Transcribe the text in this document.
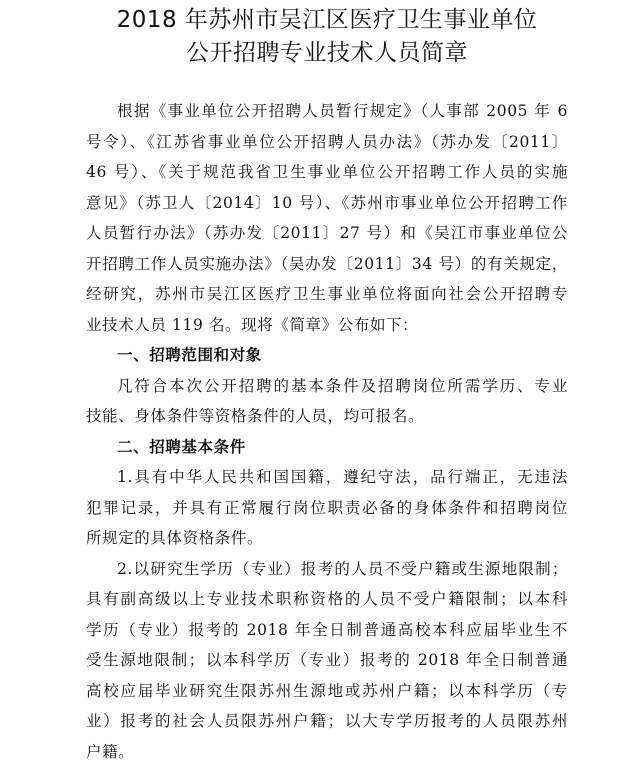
2018 年苏州市吴江区医疗卫生事业单位
公开招聘专业技术人员简章
根据《事业单位公开招聘人员暂行规定》（人事部 2005 年 6
号令）、《江苏省事业单位公开招聘人员办法》（苏办发〔2011〕
46 号）、《关于规范我省卫生事业单位公开招聘工作人员的实施
意见》（苏卫人〔2014〕10 号）、《苏州市事业单位公开招聘工作
人员暂行办法》（苏办发〔2011〕27 号）和《吴江市事业单位公
开招聘工作人员实施办法》（吴办发〔2011〕34 号）的有关规定，
经研究，苏州市吴江区医疗卫生事业单位将面向社会公开招聘专
业技术人员 119 名。现将《简章》公布如下：
一、招聘范围和对象
凡符合本次公开招聘的基本条件及招聘岗位所需学历、专业
技能、身体条件等资格条件的人员，均可报名。
二、招聘基本条件
1.具有中华人民共和国国籍，遵纪守法，品行端正，无违法
犯罪记录，并具有正常履行岗位职责必备的身体条件和招聘岗位
所规定的具体资格条件。
2.以研究生学历（专业）报考的人员不受户籍或生源地限制；
具有副高级以上专业技术职称资格的人员不受户籍限制；以本科
学历（专业）报考的 2018 年全日制普通高校本科应届毕业生不
受生源地限制；以本科学历（专业）报考的 2018 年全日制普通
高校应届毕业研究生限苏州生源地或苏州户籍；以本科学历（专
业）报考的社会人员限苏州户籍；以大专学历报考的人员限苏州
户籍。
